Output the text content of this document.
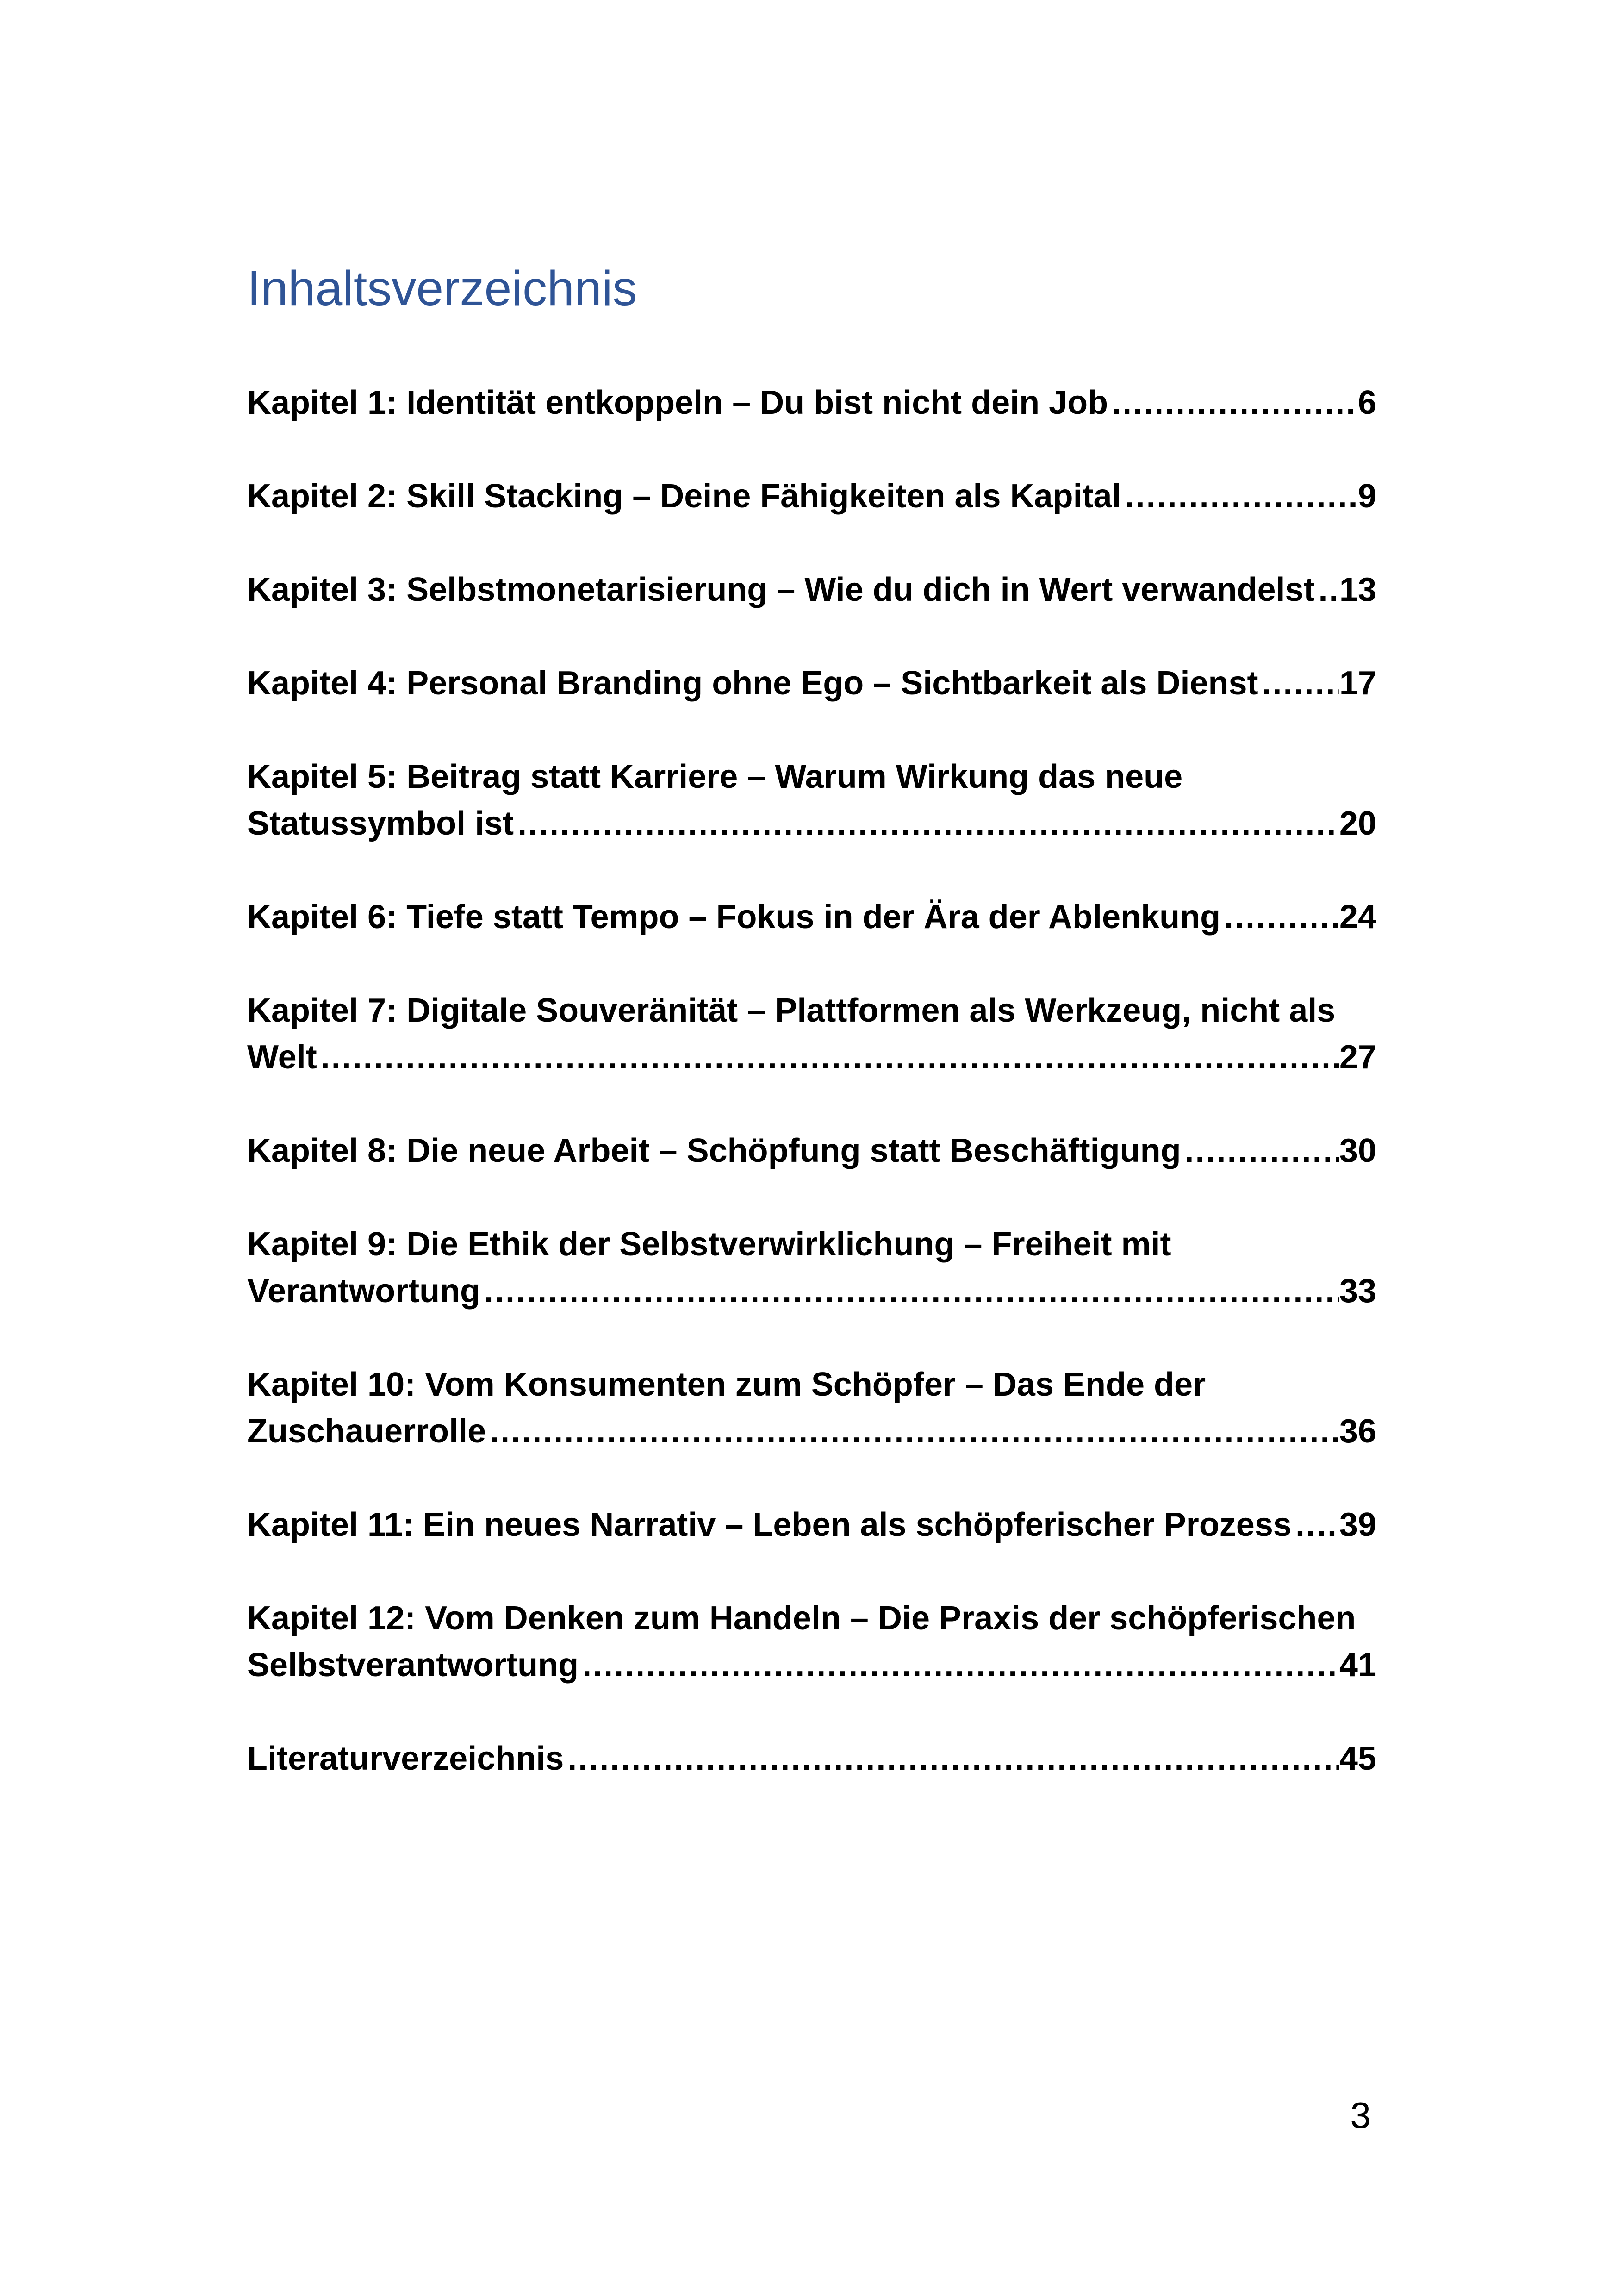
Inhaltsverzeichnis
Kapitel 1: Identität entkoppeln – Du bist nicht dein Job .....	6
Kapitel 2: Skill Stacking – Deine Fähigkeiten als Kapital .....	9
Kapitel 3: Selbstmonetarisierung – Wie du dich in Wert verwandelst ..... 13
Kapitel 4: Personal Branding ohne Ego – Sichtbarkeit als Dienst ..... 17
Kapitel 5: Beitrag statt Karriere – Warum Wirkung das neue
Statussymbol ist .....	20
Kapitel 6: Tiefe statt Tempo – Fokus in der Ära der Ablenkung .....	24
Kapitel 7: Digitale Souveränität – Plattformen als Werkzeug, nicht als
Welt .....	27
Kapitel 8: Die neue Arbeit – Schöpfung statt Beschäftigung .....	30
Kapitel 9: Die Ethik der Selbstverwirklichung – Freiheit mit
Verantwortung .....	33
Kapitel 10: Vom Konsumenten zum Schöpfer – Das Ende der
Zuschauerrolle .....	36
Kapitel 11: Ein neues Narrativ – Leben als schöpferischer Prozess ..... 39
Kapitel 12: Vom Denken zum Handeln – Die Praxis der schöpferischen
Selbstverantwortung .....	41
Literaturverzeichnis .....	45
3
